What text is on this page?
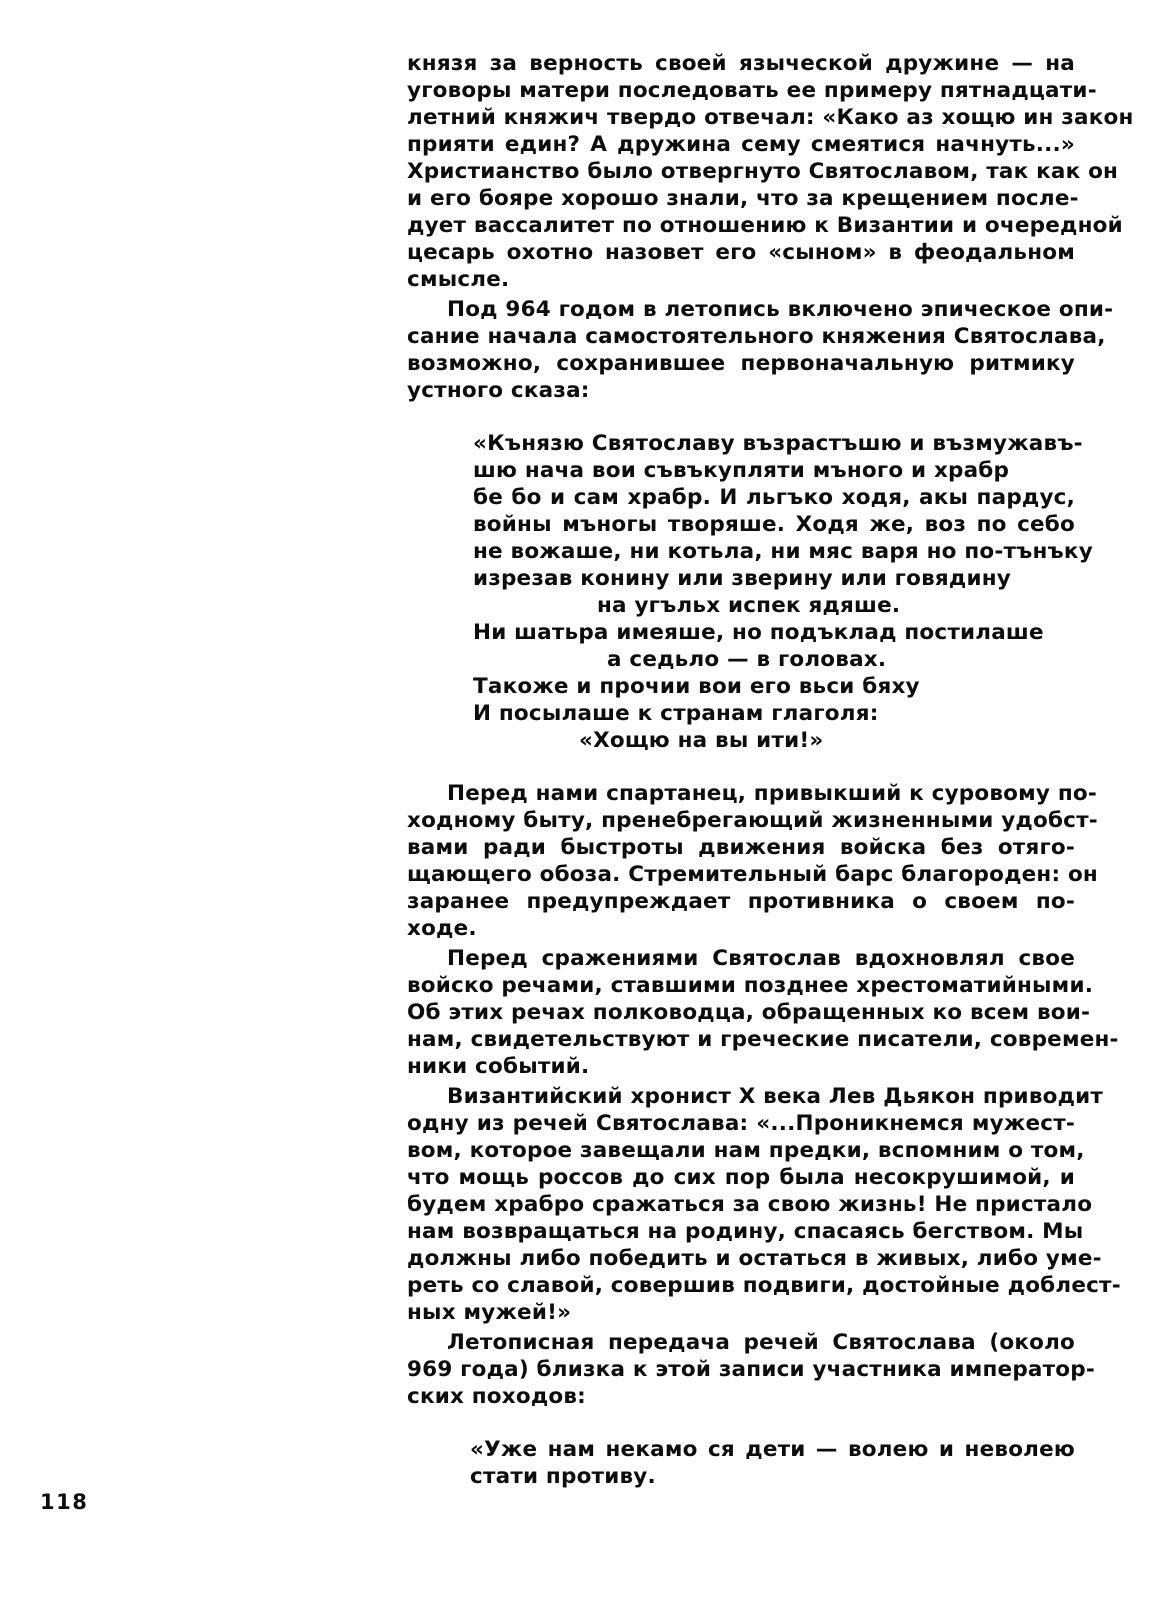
князя за верность своей языческой дружине — на
уговоры матери последовать ее примеру пятнадцати-
летний княжич твердо отвечал: «Како аз хощю ин закон
прияти един? А дружина сему смеятися начнуть...»
Христианство было отвергнуто Святославом, так как он
и его бояре хорошо знали, что за крещением после-
дует вассалитет по отношению к Византии и очередной
цесарь охотно назовет его «сыном» в феодальном
смысле.
Под 964 годом в летопись включено эпическое опи-
сание начала самостоятельного княжения Святослава,
возможно, сохранившее первоначальную ритмику
устного сказа:
«Кънязю Святославу възрастъшю и възмужавъ-
шю нача вои съвъкупляти мъного и храбр
бе бо и сам храбр. И льгъко ходя, акы пардус,
войны мъногы творяше. Ходя же, воз по себо
не вожаше, ни котьла, ни мяс варя но по-тънъку
изрезав конину или зверину или говядину
на угъльх испек ядяше.
Ни шатьра имеяше, но подъклад постилаше
а седьло — в головах.
Такоже и прочии вои его вьси бяху
И посылаше к странам глаголя:
«Хощю на вы ити!»
Перед нами спартанец, привыкший к суровому по-
ходному быту, пренебрегающий жизненными удобст-
вами ради быстроты движения войска без отяго-
щающего обоза. Стремительный барс благороден: он
заранее предупреждает противника о своем по-
ходе.
Перед сражениями Святослав вдохновлял свое
войско речами, ставшими позднее хрестоматийными.
Об этих речах полководца, обращенных ко всем вои-
нам, свидетельствуют и греческие писатели, современ-
ники событий.
Византийский хронист X века Лев Дьякон приводит
одну из речей Святослава: «...Проникнемся мужест-
вом, которое завещали нам предки, вспомним о том,
что мощь россов до сих пор была несокрушимой, и
будем храбро сражаться за свою жизнь! Не пристало
нам возвращаться на родину, спасаясь бегством. Мы
должны либо победить и остаться в живых, либо уме-
реть со славой, совершив подвиги, достойные доблест-
ных мужей!»
Летописная передача речей Святослава (около
969 года) близка к этой записи участника император-
ских походов:
«Уже нам некамо ся дети — волею и неволею
стати противу.
118
